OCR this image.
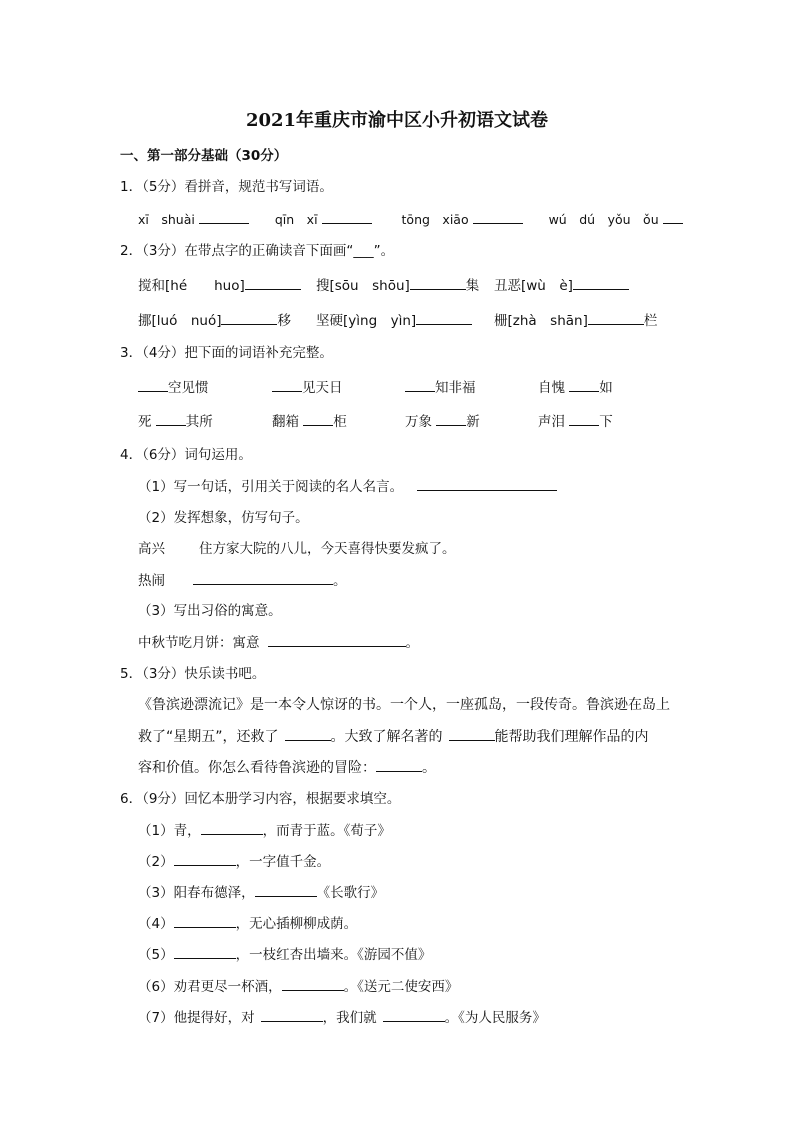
2021年重庆市渝中区小升初语文试卷
一、第一部分基础（30分）
1．（5分）看拼音，规范书写词语。
xī　shuài	qīn　xī	tōng　xiāo	wú　dú　yǒu　ǒu
2．（3分）在带点字的正确读音下面画“___”。
搅和[hé　　huo]	搜[sōu　shōu]	集 丑恶[wù　è]
挪[luó　nuó]	移 坚硬[yìng　yìn]	栅[zhà　shān]	栏
3．（4分）把下面的词语补充完整。
空见惯	见天日	知非福	自愧 如
死 其所	翻箱 柜	万象 新	声泪 下
4．（6分）词句运用。
（1）写一句话，引用关于阅读的名人名言。
（2）发挥想象，仿写句子。
高兴	住方家大院的八儿，今天喜得快要发疯了。
热闹	。
（3）写出习俗的寓意。
中秋节吃月饼：寓意	。
5．（3分）快乐读书吧。
《鲁滨逊漂流记》是一本令人惊讶的书。一个人，一座孤岛，一段传奇。鲁滨逊在岛上
救了“星期五”，还救了	。大致了解名著的	能帮助我们理解作品的内
容和价值。你怎么看待鲁滨逊的冒险：	。
6．（9分）回忆本册学习内容，根据要求填空。
（1）青，	，而青于蓝。《荀子》
（2）	，一字值千金。
（3）阳春布德泽，	《长歌行》
（4）	，无心插柳柳成荫。
（5）	，一枝红杏出墙来。《游园不值》
（6）劝君更尽一杯酒，	。《送元二使安西》
（7）他提得好，对	，我们就	。《为人民服务》
